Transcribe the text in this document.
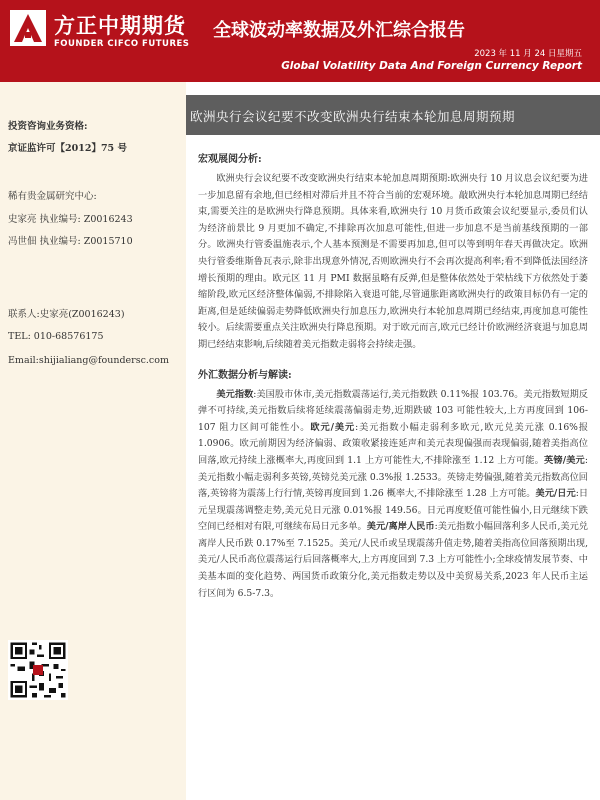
方正中期期货
FOUNDER CIFCO FUTURES
全球波动率数据及外汇综合报告
2023 年 11 月 24 日星期五
Global Volatility Data And Foreign Currency Report
投资咨询业务资格:
京证监许可【2012】75 号
稀有贵金属研究中心:
史家亮 执业编号: Z0016243
冯世佃 执业编号: Z0015710
联系人:史家亮(Z0016243)
TEL: 010-68576175
Email:shijialiang@foundersc.com
欧洲央行会议纪要不改变欧洲央行结束本轮加息周期预期
宏观展阅分析:

欧洲央行会议纪要不改变欧洲央行结束本轮加息周期预期:欧洲央行 10 月议息会议纪要为进一步加息留有余地,但已经相对滞后并且不符合当前的宏观环境。敲欧洲央行本轮加息周期已经结束,需要关注的是欧洲央行降息预期。具体来看,欧洲央行 10 月货币政策会议纪要显示,委员们认为经济前景比 9 月更加不确定,不排除再次加息可能性,但进一步加息不是当前基线预期的一部分。欧洲央行管委温施表示,个人基本预测是不需要再加息,但可以等到明年春天再做决定。欧洲央行管委维斯鲁瓦表示,除非出现意外情况,否则欧洲央行不会再次提高利率;看不到降低法国经济增长预期的理由。欧元区 11 月 PMI 数据虽略有反弹,但是整体依然处于荣枯线下方依然处于萎缩阶段,欧元区经济整体偏弱,不排除陷入衰退可能,尽管通胀距离欧洲央行的政策目标仍有一定的距离,但是延续偏弱走势降低欧洲央行加息压力,欧洲央行本轮加息周期已经结束,再度加息可能性较小。后续需要重点关注欧洲央行降息预期。对于欧元而言,欧元已经计价欧洲经济衰退与加息周期已经结束影响,后续随着美元指数走弱将会持续走强。

外汇数据分析与解读:

美元指数:美国股市休市,美元指数震荡运行,美元指数跌 0.11%报 103.76。美元指数短期反弹不可持续,美元指数后续将延续震荡偏弱走势,近期跌破 103 可能性较大,上方再度回到 106-107 阻力区间可能性小。欧元/美元:美元指数小幅走弱利多欧元,欧元兑美元涨 0.16%报 1.0906。欧元前期因为经济偏弱、政策收紧接连延声和美元表现偏强而表现偏弱,随着美指高位回落,欧元持续上涨概率大,再度回到 1.1 上方可能性大,不排除涨至 1.12 上方可能。英镑/美元:美元指数小幅走弱利多英镑,英镑兑美元涨 0.3%报 1.2533。英镑走势偏强,随着美元指数高位回落,英镑将为震荡上行行情,英镑再度回到 1.26 概率大,不排除涨至 1.28 上方可能。美元/日元:日元呈现震荡调整走势,美元兑日元涨 0.01%报 149.56。日元再度贬值可能性偏小,日元继续下跌空间已经相对有限,可继续布局日元多单。美元/离岸人民币:美元指数小幅回落利多人民币,美元兑离岸人民币跌 0.17%至 7.1525。美元/人民币或呈现震荡升值走势,随着美指高位回落预期出现,美元/人民币高位震荡运行后回落概率大,上方再度回到 7.3 上方可能性小;全球疫情发展节奏、中美基本面的变化趋势、两国货币政策分化,美元指数走势以及中美贸易关系,2023 年人民币主运行区间为 6.5-7.3。
